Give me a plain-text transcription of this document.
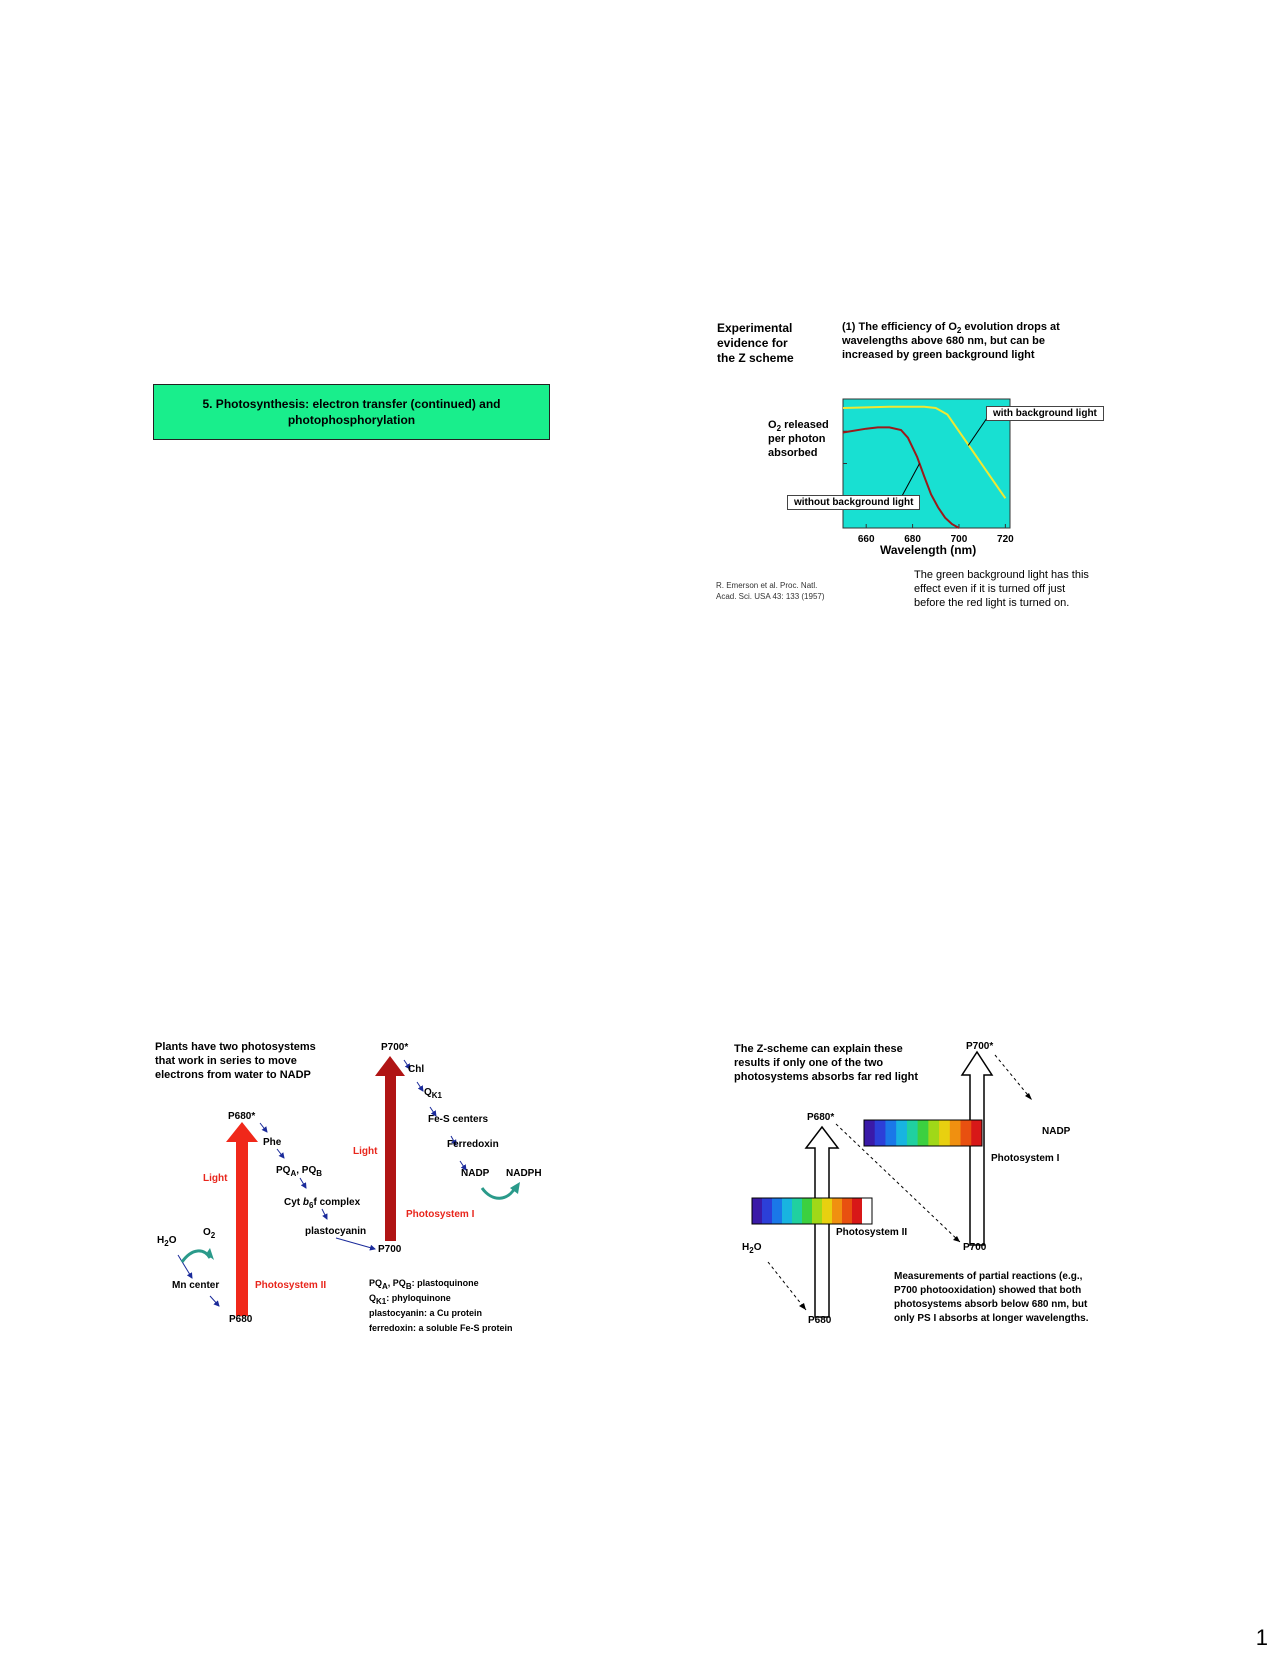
5. Photosynthesis: electron transfer (continued) and
photophosphorylation
Experimental
evidence for
the Z scheme
(1) The efficiency of $O_2$ evolution drops at
wavelengths above 680 nm, but can be
increased by green background light
$O_2$ released
per photon
absorbed
660	680	700	720
with background light
without background light
Wavelength (nm)
R. Emerson et al. Proc. Natl.
Acad. Sci. USA 43: 133 (1957)
The green background light has this
effect even if it is turned off just
before the red light is turned on.
Plants have two photosystems
that work in series to move
electrons from water to NADP
P700*
Chl
$Q_{K1}$
Fe-S centers
Ferredoxin
NADP NADPH
P680*
Phe
$PQ_A$, $PQ_B$
Cyt $b_6f$ complex
plastocyanin
P700
Photosystem I
Light
Light
$H_2O$
$O_2$
Mn center	Photosystem II
P680
PQA, PQB: plastoquinone
QK1: phyloquinone
plastocyanin: a Cu protein
ferredoxin: a soluble Fe-S protein
The Z-scheme can explain these
results if only one of the two
photosystems absorbs far red light
P700*
P680*
NADP
Photosystem I
Photosystem II
$H_2O$	P700
P680
Measurements of partial reactions (e.g.,
P700 photooxidation) showed that both
photosystems absorb below 680 nm, but
only PS I absorbs at longer wavelengths.
1
